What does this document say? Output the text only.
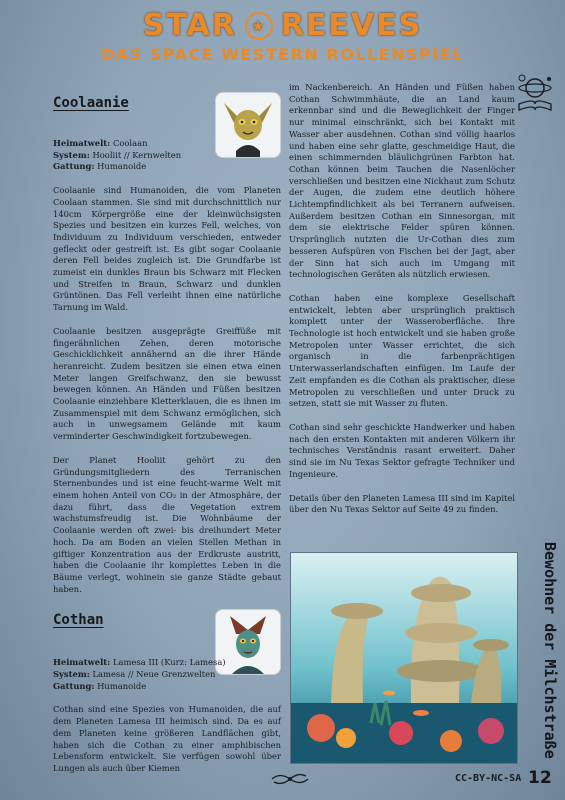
STAR ★ REEVES
DAS SPACE WESTERN ROLLENSPIEL
Coolaanie

Heimatwelt: Coolaan

System: Hooliit // Kernwelten

Gattung: Humanoide

Coolaanie sind Humanoiden, die vom Planeten Coolaan stammen. Sie sind mit durchschnittlich nur 140cm Körpergröße eine der kleinwüchsigsten Spezies und besitzen ein kurzes Fell, welches, von Individuum zu Individuum verschieden, entweder gefleckt oder gestreift ist. Es gibt sogar Coolaanie deren Fell beides zugleich ist. Die Grundfarbe ist zumeist ein dunkles Braun bis Schwarz mit Flecken und Streifen in Braun, Schwarz und dunklen Grüntönen. Das Fell verleiht ihnen eine natürliche Tarnung im Wald.

Coolaanie besitzen ausgeprägte Greiffüße mit fingerähnlichen Zehen, deren motorische Geschicklichkeit annähernd an die ihrer Hände heranreicht. Zudem besitzen sie einen etwa einen Meter langen Greifschwanz, den sie bewusst bewegen können. An Händen und Füßen besitzen Coolaanie einziehbare Kletterklauen, die es ihnen im Zusammenspiel mit dem Schwanz ermöglichen, sich auch in unwegsamem Gelände mit kaum verminderter Geschwindigkeit fortzubewegen.

Der Planet Hooliit gehört zu den Gründungsmitgliedern des Terranischen Sternenbundes und ist eine feucht-warme Welt mit einem hohen Anteil von CO₂ in der Atmosphäre, der dazu führt, dass die Vegetation extrem wachstumsfreudig ist. Die Wohnbäume der Coolaanie werden oft zwei- bis dreihundert Meter hoch. Da am Boden an vielen Stellen Methan in giftiger Konzentration aus der Erdkruste austritt, haben die Coolaanie ihr komplettes Leben in die Bäume verlegt, wohinein sie ganze Städte gebaut haben.

Cothan

Heimatwelt: Lamesa III (Kurz: Lamesa)

System: Lamesa // Neue Grenzwelten

Gattung: Humanoide

Cothan sind eine Spezies von Humanoiden, die auf dem Planeten Lamesa III heimisch sind. Da es auf dem Planeten keine größeren Landflächen gibt, haben sich die Cothan zu einer amphibischen Lebensform entwickelt. Sie verfügen sowohl über Lungen als auch über Kiemen

im Nackenbereich. An Händen und Füßen haben Cothan Schwimmhäute, die an Land kaum erkennbar sind und die Beweglichkeit der Finger nur minimal einschränkt, sich bei Kontakt mit Wasser aber ausdehnen. Cothan sind völlig haarlos und haben eine sehr glatte, geschmeidige Haut, die einen schimmernden bläulichgrünen Farbton hat. Cothan können beim Tauchen die Nasenlöcher verschließen und besitzen eine Nickhaut zum Schutz der Augen, die zudem eine deutlich höhere Lichtempfindlichkeit als bei Terranern aufweisen. Außerdem besitzen Cothan ein Sinnesorgan, mit dem sie elektrische Felder spüren können. Ursprünglich nutzten die Ur-Cothan dies zum besseren Aufspüren von Fischen bei der Jagt, aber der Sinn hat sich auch im Umgang mit technologischen Geräten als nützlich erwiesen.

Cothan haben eine komplexe Gesellschaft entwickelt, lebten aber ursprünglich praktisch komplett unter der Wasseroberfläche. Ihre Technologie ist hoch entwickelt und sie haben große Metropolen unter Wasser errichtet, die sich organisch in die farbenprächtigen Unterwasserlandschaften einfügen. Im Laufe der Zeit empfanden es die Cothan als praktischer, diese Metropolen zu verschließen und unter Druck zu setzen, statt sie mit Wasser zu fluten.

Cothan sind sehr geschickte Handwerker und haben nach den ersten Kontakten mit anderen Völkern ihr technisches Verständnis rasant erweitert. Daher sind sie im Nu Texas Sektor gefragte Techniker und Ingenieure.

Details über den Planeten Lamesa III sind im Kapitel über den Nu Texas Sektor auf Seite 49 zu finden.

Bewohner der Milchstraße
CC-BY-NC-SA 12
